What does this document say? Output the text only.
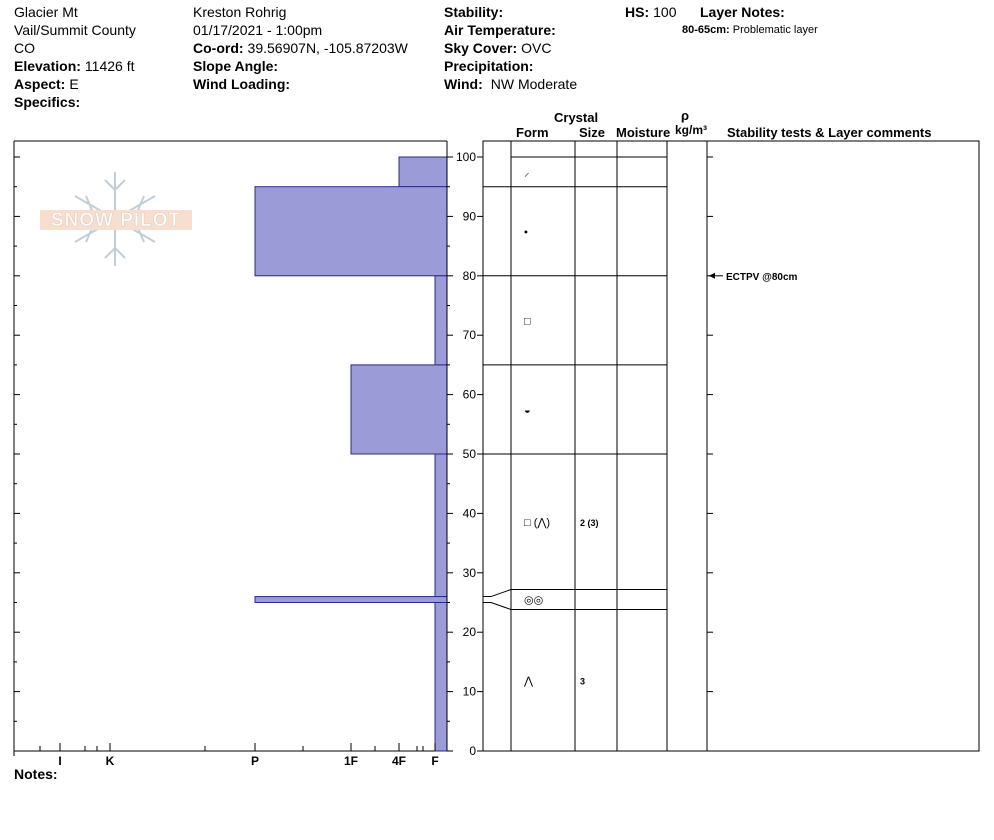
Glacier Mt
Vail/Summit County
CO
Elevation: 11426 ft
Aspect: E
Specifics:
Kreston Rohrig
01/17/2021 - 1:00pm
Co-ord: 39.56907N, -105.87203W
Slope Angle:
Wind Loading:
Stability:
Air Temperature:
Sky Cover: OVC
Precipitation:
Wind: NW Moderate
HS: 100 Layer Notes:
80-65cm: Problematic layer
Crystal
Form Size Moisture
ρ
kg/m³ Stability tests & Layer comments
Notes:
SNOW PILOT
I	K	P	1F	4F F
0
10
20
30
40
50
60
70
80
90
100
⸝
•
□
◒
□ (⋀)	2 (3)
◎◎
⋀	3
ECTPV @80cm
